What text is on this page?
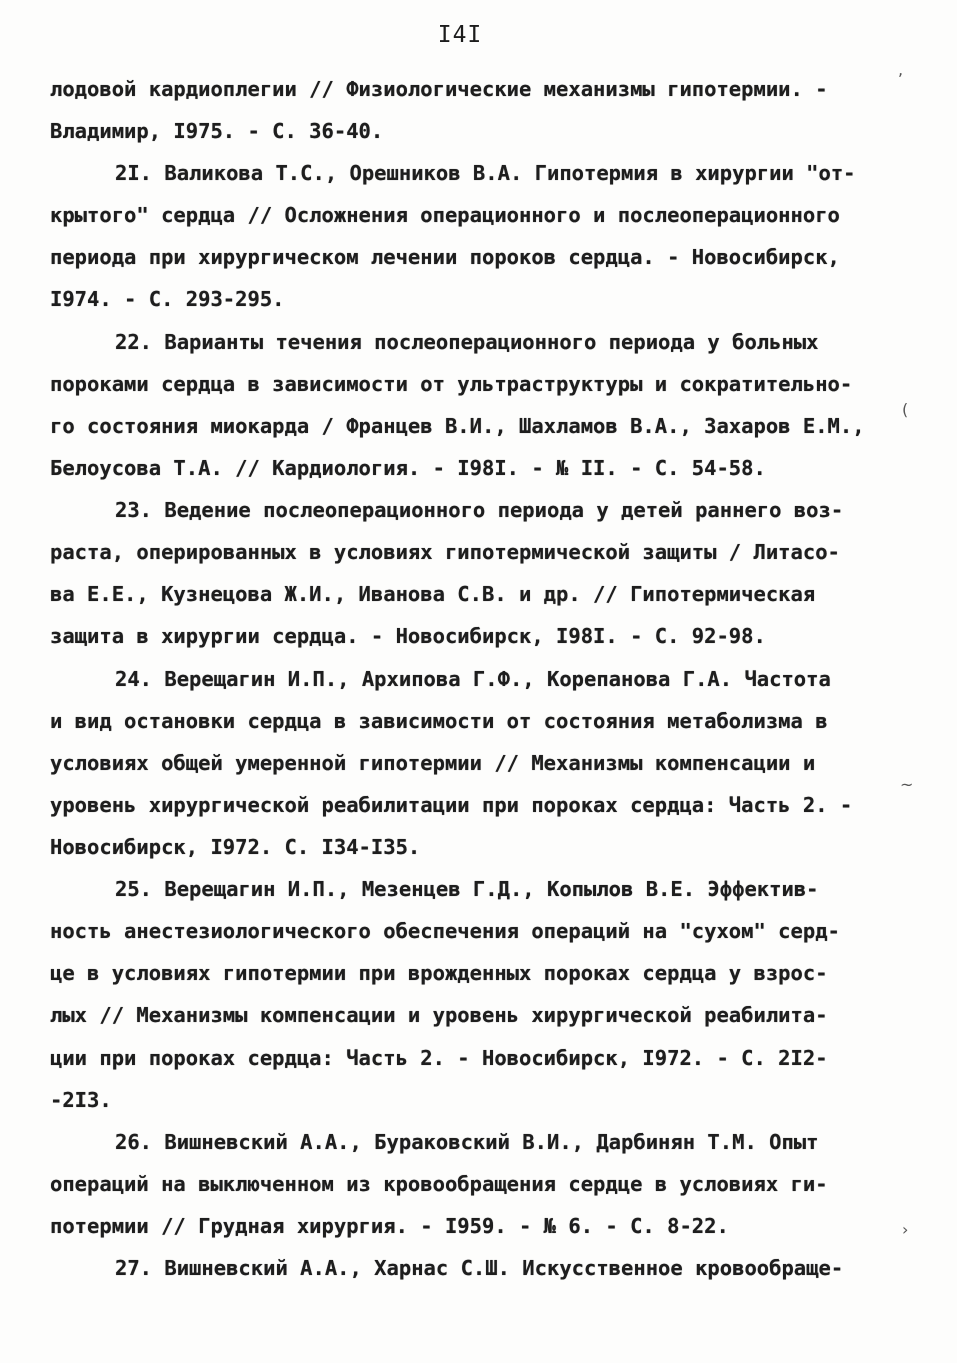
I4I
лодовой кардиоплегии // Физиологические механизмы гипотермии. -
Владимир, I975. - С. 36-40.
2I. Валикова Т.С., Орешников В.А. Гипотермия в хирургии "от-
крытого" сердца // Осложнения операционного и послеоперационного
периода при хирургическом лечении пороков сердца. - Новосибирск,
I974. - С. 293-295.
22. Варианты течения послеоперационного периода у больных
пороками сердца в зависимости от ультраструктуры и сократительно-
го состояния миокарда / Францев В.И., Шахламов В.А., Захаров Е.М.,
Белоусова Т.А. // Кардиология. - I98I. - № II. - С. 54-58.
23. Ведение послеоперационного периода у детей раннего воз-
раста, оперированных в условиях гипотермической защиты / Литасо-
ва Е.Е., Кузнецова Ж.И., Иванова С.В. и др. // Гипотермическая
защита в хирургии сердца. - Новосибирск, I98I. - С. 92-98.
24. Верещагин И.П., Архипова Г.Ф., Корепанова Г.А. Частота
и вид остановки сердца в зависимости от состояния метаболизма в
условиях общей умеренной гипотермии // Механизмы компенсации и
уровень хирургической реабилитации при пороках сердца: Часть 2. -
Новосибирск, I972. С. I34-I35.
25. Верещагин И.П., Мезенцев Г.Д., Копылов В.Е. Эффектив-
ность анестезиологического обеспечения операций на "сухом" серд-
це в условиях гипотермии при врожденных пороках сердца у взрос-
лых // Механизмы компенсации и уровень хирургической реабилита-
ции при пороках сердца: Часть 2. - Новосибирск, I972. - С. 2I2-
-2I3.
26. Вишневский А.А., Бураковский В.И., Дарбинян Т.М. Опыт
операций на выключенном из кровообращения сердце в условиях ги-
потермии // Грудная хирургия. - I959. - № 6. - С. 8-22.
27. Вишневский А.А., Харнас С.Ш. Искусственное кровообраще-
,
(
~
›
